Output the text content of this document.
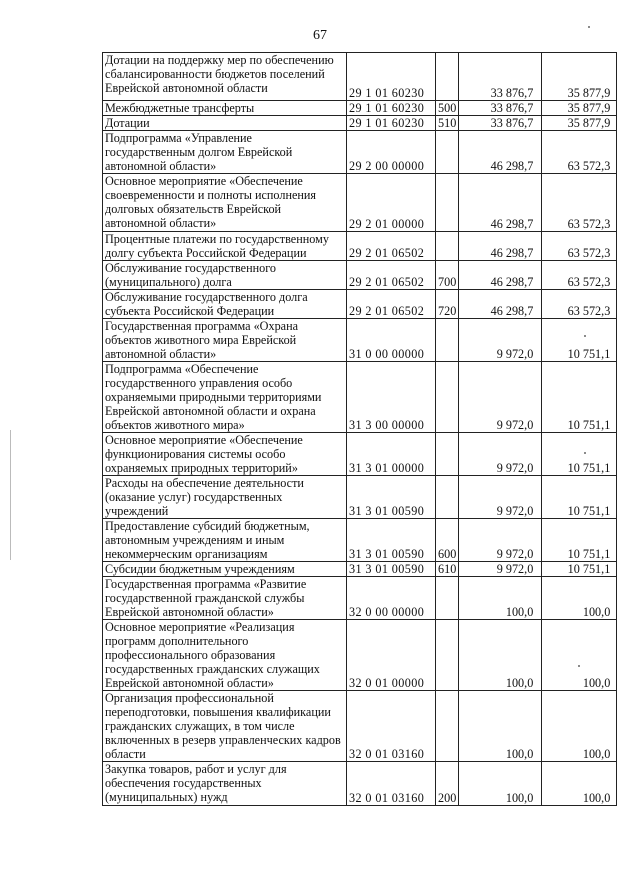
67
Дотации на поддержку мер по обеспечению сбалансированности бюджетов поселений Еврейской автономной области	29 1 01 60230		33 876,7	35 877,9
Межбюджетные трансферты	29 1 01 60230	500	33 876,7	35 877,9
Дотации	29 1 01 60230	510	33 876,7	35 877,9
Подпрограмма «Управление государственным долгом Еврейской автономной области»	29 2 00 00000		46 298,7	63 572,3
Основное мероприятие «Обеспечение своевременности и полноты исполнения долговых обязательств Еврейской автономной области»	29 2 01 00000		46 298,7	63 572,3
Процентные платежи по государственному долгу субъекта Российской Федерации	29 2 01 06502		46 298,7	63 572,3
Обслуживание государственного (муниципального) долга	29 2 01 06502	700	46 298,7	63 572,3
Обслуживание государственного долга субъекта Российской Федерации	29 2 01 06502	720	46 298,7	63 572,3
Государственная программа «Охрана объектов животного мира Еврейской автономной области»	31 0 00 00000		9 972,0	10 751,1
Подпрограмма «Обеспечение государственного управления особо охраняемыми природными территориями Еврейской автономной области и охрана объектов животного мира»	31 3 00 00000		9 972,0	10 751,1
Основное мероприятие «Обеспечение функционирования системы особо охраняемых природных территорий»	31 3 01 00000		9 972,0	10 751,1
Расходы на обеспечение деятельности (оказание услуг) государственных учреждений	31 3 01 00590		9 972,0	10 751,1
Предоставление субсидий бюджетным, автономным учреждениям и иным некоммерческим организациям	31 3 01 00590	600	9 972,0	10 751,1
Субсидии бюджетным учреждениям	31 3 01 00590	610	9 972,0	10 751,1
Государственная программа «Развитие государственной гражданской службы Еврейской автономной области»	32 0 00 00000		100,0	100,0
Основное мероприятие «Реализация программ дополнительного профессионального образования государственных гражданских служащих Еврейской автономной области»	32 0 01 00000		100,0	100,0
Организация профессиональной переподготовки, повышения квалификации гражданских служащих, в том числе включенных в резерв управленческих кадров области	32 0 01 03160		100,0	100,0
Закупка товаров, работ и услуг для обеспечения государственных (муниципальных) нужд	32 0 01 03160	200	100,0	100,0
